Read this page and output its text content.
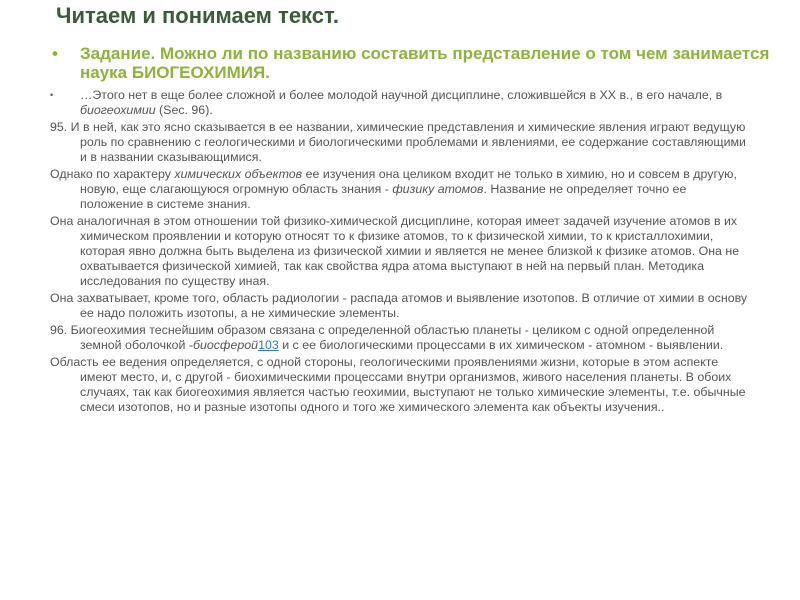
Читаем и понимаем текст.
• Задание. Можно ли по названию составить представление о том чем занимается наука БИОГЕОХИМИЯ.

• …Этого нет в еще более сложной и более молодой научной дисциплине, сложившейся в XX в., в его начале, в биогеохимии (Sec. 96).

95. И в ней, как это ясно сказывается в ее названии, химические представления и химические явления играют ведущую роль по сравнению с геологическими и биологическими проблемами и явлениями, ее содержание составляющими и в названии сказывающимися.

Однако по характеру химических объектов ее изучения она целиком входит не только в химию, но и совсем в другую, новую, еще слагающуюся огромную область знания - физику атомов. Название не определяет точно ее положение в системе знания.

Она аналогичная в этом отношении той физико-химической дисциплине, которая имеет задачей изучение атомов в их химическом проявлении и которую относят то к физике атомов, то к физической химии, то к кристаллохимии, которая явно должна быть выделена из физической химии и является не менее близкой к физике атомов. Она не охватывается физической химией, так как свойства ядра атома выступают в ней на первый план. Методика исследования по существу иная.

Она захватывает, кроме того, область радиологии - распада атомов и выявление изотопов. В отличие от химии в основу ее надо положить изотопы, а не химические элементы.

96. Биогеохимия теснейшим образом связана с определенной областью планеты - целиком с одной определенной земной оболочкой -биосферой103 и с ее биологическими процессами в их химическом - атомном - выявлении.

Область ее ведения определяется, с одной стороны, геологическими проявлениями жизни, которые в этом аспекте имеют место, и, с другой - биохимическими процессами внутри организмов, живого населения планеты. В обоих случаях, так как биогеохимия является частью геохимии, выступают не только химические элементы, т.е. обычные смеси изотопов, но и разные изотопы одного и того же химического элемента как объекты изучения..
